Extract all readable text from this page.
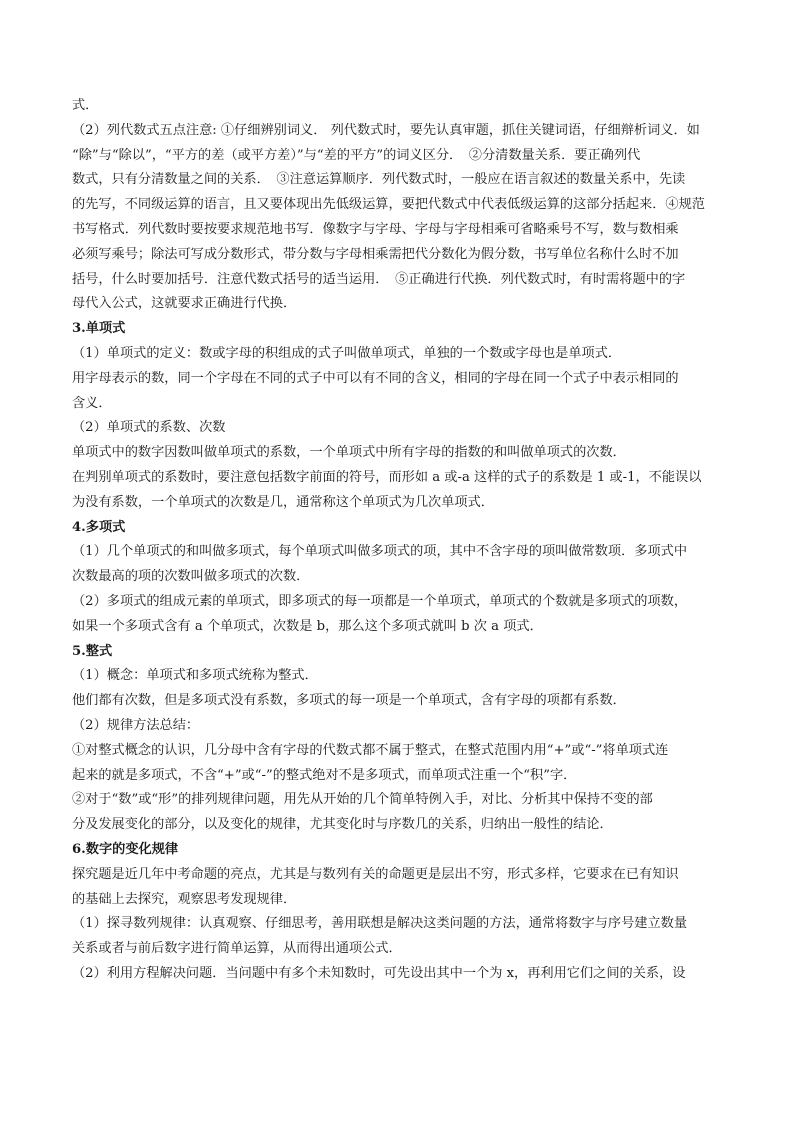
式．
（2）列代数式五点注意: ①仔细辨别词义． 列代数式时，要先认真审题，抓住关键词语，仔细辩析词义．如
“除”与“除以”，“平方的差（或平方差）”与“差的平方”的词义区分．　②分清数量关系．要正确列代
数式，只有分清数量之间的关系．　③注意运算顺序．列代数式时，一般应在语言叙述的数量关系中，先读
的先写，不同级运算的语言，且又要体现出先低级运算，要把代数式中代表低级运算的这部分括起来．④规范
书写格式．列代数时要按要求规范地书写．像数字与字母、字母与字母相乘可省略乘号不写，数与数相乘
必须写乘号；除法可写成分数形式，带分数与字母相乘需把代分数化为假分数，书写单位名称什么时不加
括号，什么时要加括号．注意代数式括号的适当运用．　⑤正确进行代换．列代数式时，有时需将题中的字
母代入公式，这就要求正确进行代换．
3.单项式
（1）单项式的定义：数或字母的积组成的式子叫做单项式，单独的一个数或字母也是单项式．
用字母表示的数，同一个字母在不同的式子中可以有不同的含义，相同的字母在同一个式子中表示相同的
含义．
（2）单项式的系数、次数
单项式中的数字因数叫做单项式的系数，一个单项式中所有字母的指数的和叫做单项式的次数．
在判别单项式的系数时，要注意包括数字前面的符号，而形如 a 或-a 这样的式子的系数是 1 或-1，不能误以
为没有系数，一个单项式的次数是几，通常称这个单项式为几次单项式．
4.多项式
（1）几个单项式的和叫做多项式，每个单项式叫做多项式的项，其中不含字母的项叫做常数项．多项式中
次数最高的项的次数叫做多项式的次数．
（2）多项式的组成元素的单项式，即多项式的每一项都是一个单项式，单项式的个数就是多项式的项数，
如果一个多项式含有 a 个单项式，次数是 b，那么这个多项式就叫 b 次 a 项式．
5.整式
（1）概念：单项式和多项式统称为整式．
他们都有次数，但是多项式没有系数，多项式的每一项是一个单项式，含有字母的项都有系数．
（2）规律方法总结：
①对整式概念的认识，几分母中含有字母的代数式都不属于整式，在整式范围内用“+”或“-”将单项式连
起来的就是多项式，不含“+”或“-”的整式绝对不是多项式，而单项式注重一个“积”字．
②对于“数”或“形”的排列规律问题，用先从开始的几个简单特例入手，对比、分析其中保持不变的部
分及发展变化的部分，以及变化的规律，尤其变化时与序数几的关系，归纳出一般性的结论．
6.数字的变化规律
探究题是近几年中考命题的亮点，尤其是与数列有关的命题更是层出不穷，形式多样，它要求在已有知识
的基础上去探究，观察思考发现规律．
（1）探寻数列规律：认真观察、仔细思考，善用联想是解决这类问题的方法，通常将数字与序号建立数量
关系或者与前后数字进行简单运算，从而得出通项公式．
（2）利用方程解决问题．当问题中有多个未知数时，可先设出其中一个为 x，再利用它们之间的关系，设
